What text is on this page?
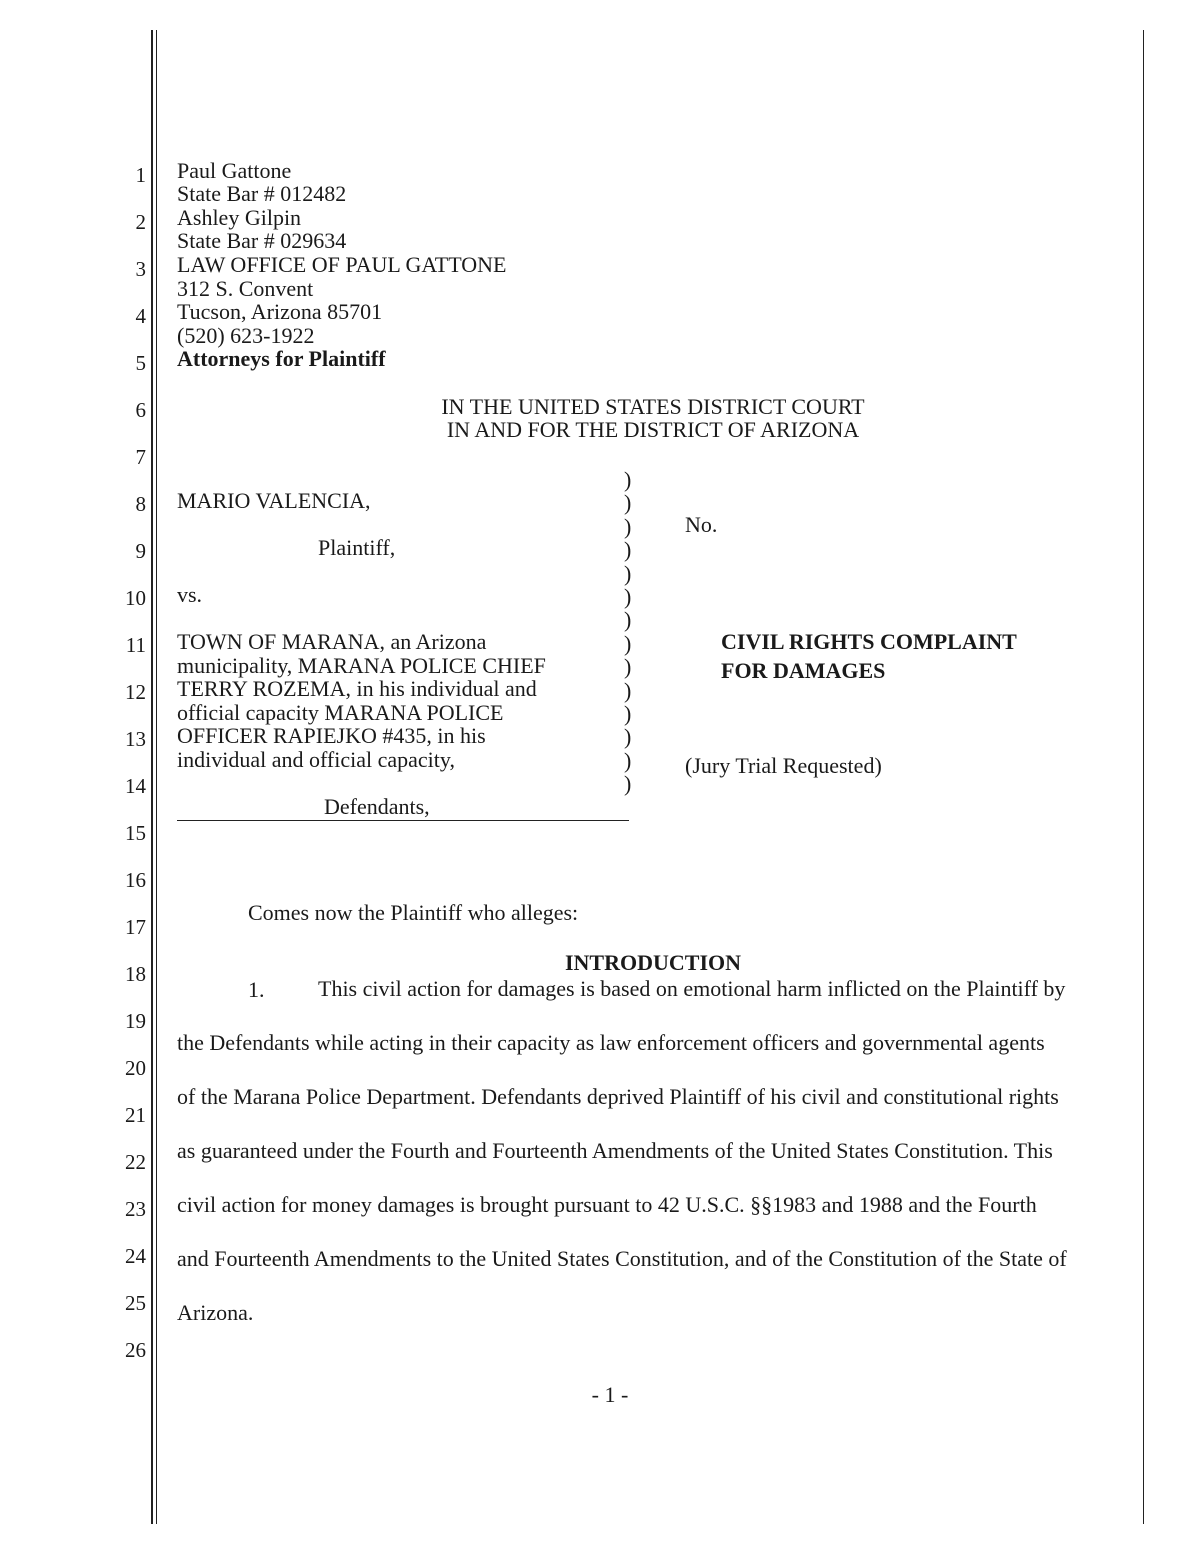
1
2
3
4
5
6
7
8
9
10
11
12
13
14
15
16
17
18
19
20
21
22
23
24
25
26
Paul Gattone
State Bar # 012482
Ashley Gilpin
State Bar # 029634
LAW OFFICE OF PAUL GATTONE
312 S. Convent
Tucson, Arizona 85701
(520) 623-1922
Attorneys for Plaintiff
IN THE UNITED STATES DISTRICT COURT
IN AND FOR THE DISTRICT OF ARIZONA
MARIO VALENCIA,
Plaintiff,
vs.
TOWN OF MARANA, an Arizona
municipality, MARANA POLICE CHIEF
TERRY ROZEMA, in his individual and
official capacity MARANA POLICE
OFFICER RAPIEJKO #435, in his
individual and official capacity,
Defendants,
)
)
)
)
)
)
)
)
)
)
)
)
)
)
No.
CIVIL RIGHTS COMPLAINT
FOR DAMAGES
(Jury Trial Requested)
Comes now the Plaintiff who alleges:
INTRODUCTION
1. This civil action for damages is based on emotional harm inflicted on the Plaintiff by
the Defendants while acting in their capacity as law enforcement officers and governmental agents
of the Marana Police Department. Defendants deprived Plaintiff of his civil and constitutional rights
as guaranteed under the Fourth and Fourteenth Amendments of the United States Constitution. This
civil action for money damages is brought pursuant to 42 U.S.C. §§1983 and 1988 and the Fourth
and Fourteenth Amendments to the United States Constitution, and of the Constitution of the State of
Arizona.
- 1 -
